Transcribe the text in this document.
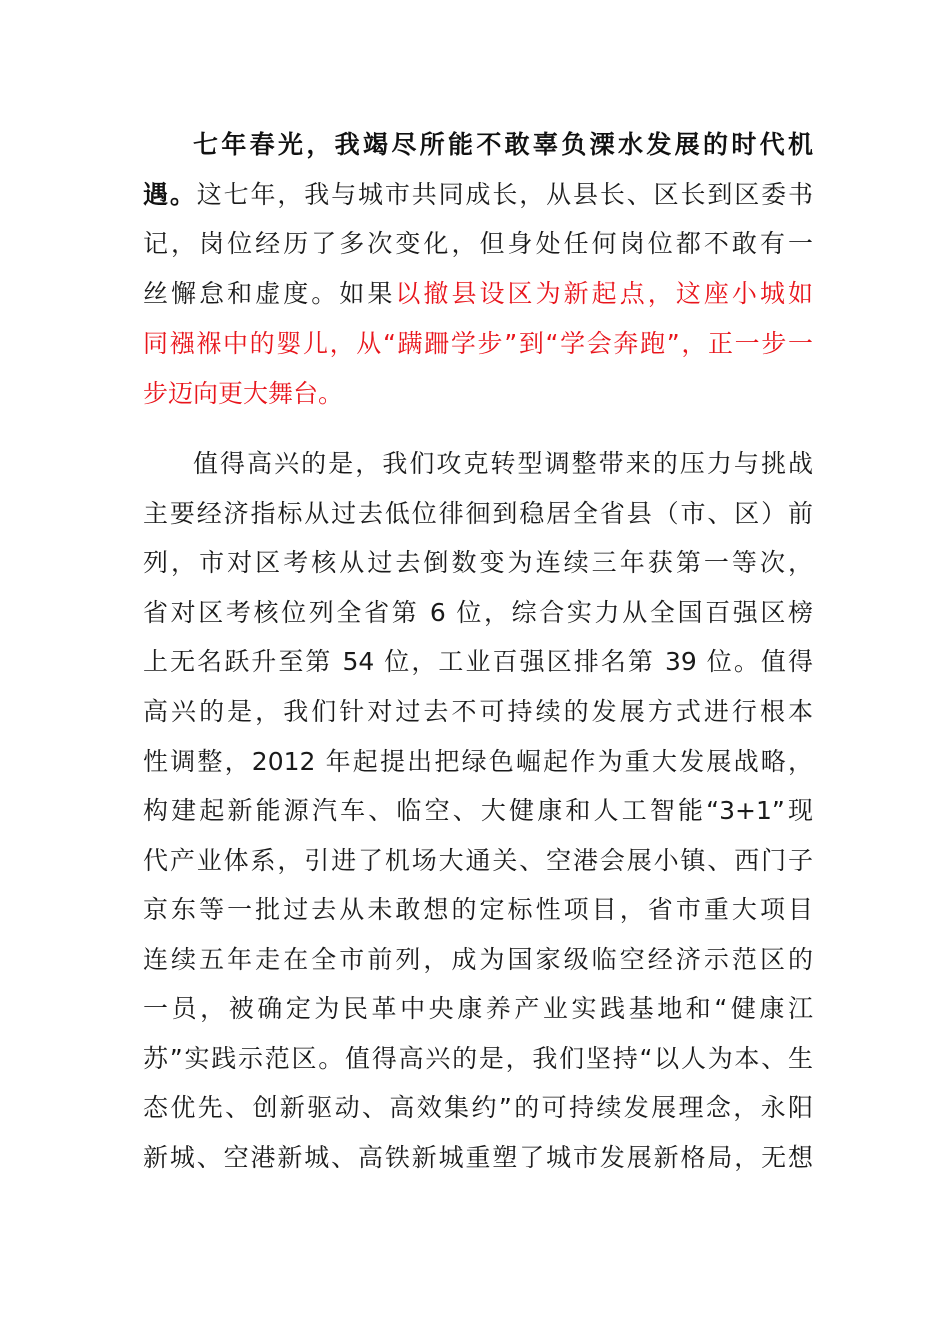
七年春光，我竭尽所能不敢辜负溧水发展的时代机
遇。这七年，我与城市共同成长，从县长、区长到区委书
记，岗位经历了多次变化，但身处任何岗位都不敢有一
丝懈怠和虚度。如果以撤县设区为新起点，这座小城如
同襁褓中的婴儿，从“蹒跚学步”到“学会奔跑”，正一步一
步迈向更大舞台。
值得高兴的是，我们攻克转型调整带来的压力与挑战
主要经济指标从过去低位徘徊到稳居全省县（市、区）前
列，市对区考核从过去倒数变为连续三年获第一等次，
省对区考核位列全省第 6 位，综合实力从全国百强区榜
上无名跃升至第 54 位，工业百强区排名第 39 位。值得
高兴的是，我们针对过去不可持续的发展方式进行根本
性调整，2012 年起提出把绿色崛起作为重大发展战略，
构建起新能源汽车、临空、大健康和人工智能“3+1”现
代产业体系，引进了机场大通关、空港会展小镇、西门子
京东等一批过去从未敢想的定标性项目，省市重大项目
连续五年走在全市前列，成为国家级临空经济示范区的
一员，被确定为民革中央康养产业实践基地和“健康江
苏”实践示范区。值得高兴的是，我们坚持“以人为本、生
态优先、创新驱动、高效集约”的可持续发展理念，永阳
新城、空港新城、高铁新城重塑了城市发展新格局，无想
